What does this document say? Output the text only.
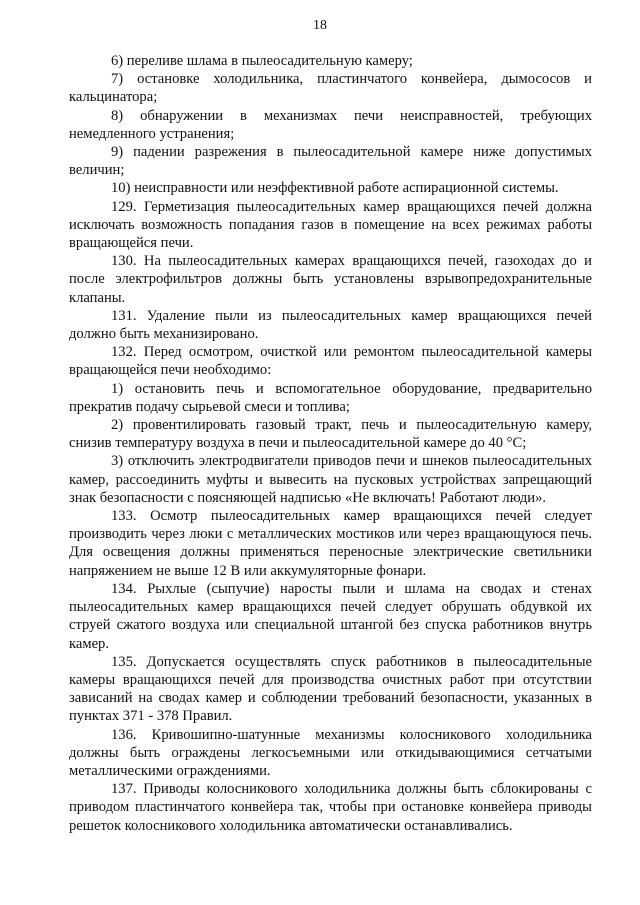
18

6) переливе шлама в пылеосадительную камеру;

7) остановке холодильника, пластинчатого конвейера, дымососов и кальцинатора;

8) обнаружении в механизмах печи неисправностей, требующих немедленного устранения;

9) падении разрежения в пылеосадительной камере ниже допустимых величин;

10) неисправности или неэффективной работе аспирационной системы.

129. Герметизация пылеосадительных камер вращающихся печей должна исключать возможность попадания газов в помещение на всех режимах работы вращающейся печи.

130. На пылеосадительных камерах вращающихся печей, газоходах до и после электрофильтров должны быть установлены взрывопредохранительные клапаны.

131. Удаление пыли из пылеосадительных камер вращающихся печей должно быть механизировано.

132. Перед осмотром, очисткой или ремонтом пылеосадительной камеры вращающейся печи необходимо:

1) остановить печь и вспомогательное оборудование, предварительно прекратив подачу сырьевой смеси и топлива;

2) провентилировать газовый тракт, печь и пылеосадительную камеру, снизив температуру воздуха в печи и пылеосадительной камере до 40 °С;

3) отключить электродвигатели приводов печи и шнеков пылеосадительных камер, рассоединить муфты и вывесить на пусковых устройствах запрещающий знак безопасности с поясняющей надписью «Не включать! Работают люди».

133. Осмотр пылеосадительных камер вращающихся печей следует производить через люки с металлических мостиков или через вращающуюся печь. Для освещения должны применяться переносные электрические светильники напряжением не выше 12 В или аккумуляторные фонари.

134. Рыхлые (сыпучие) наросты пыли и шлама на сводах и стенах пылеосадительных камер вращающихся печей следует обрушать обдувкой их струей сжатого воздуха или специальной штангой без спуска работников внутрь камер.

135. Допускается осуществлять спуск работников в пылеосадительные камеры вращающихся печей для производства очистных работ при отсутствии зависаний на сводах камер и соблюдении требований безопасности, указанных в пунктах 371 - 378 Правил.

136. Кривошипно-шатунные механизмы колосникового холодильника должны быть ограждены легкосъемными или откидывающимися сетчатыми металлическими ограждениями.

137. Приводы колосникового холодильника должны быть сблокированы с приводом пластинчатого конвейера так, чтобы при остановке конвейера приводы решеток колосникового холодильника автоматически останавливались.
